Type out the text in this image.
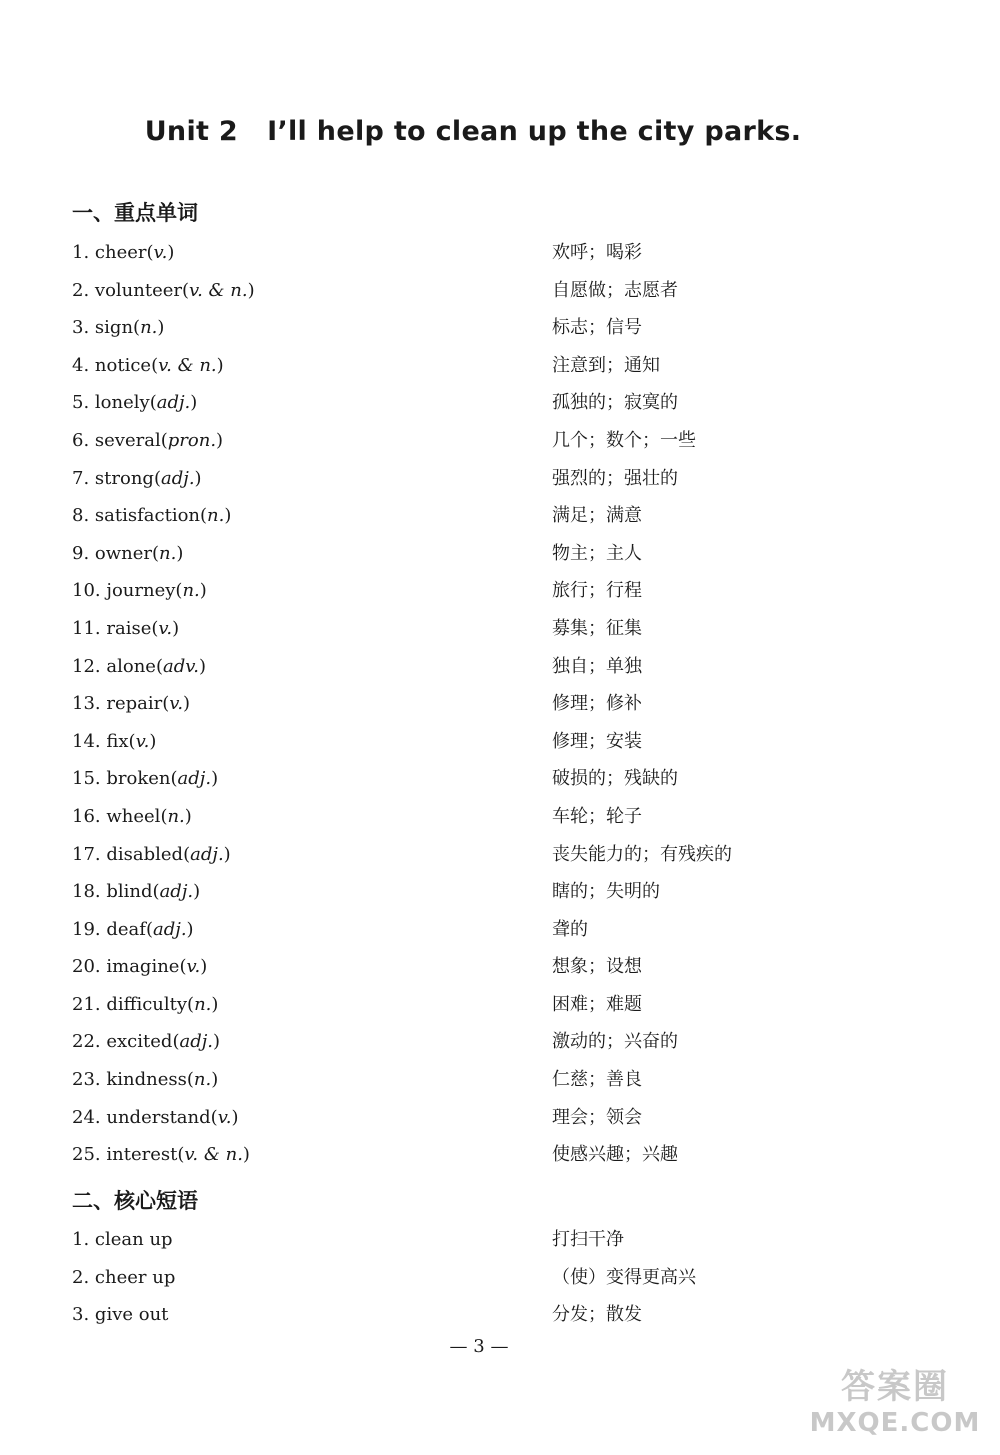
Unit 2   I’ll help to clean up the city parks.
一、重点单词
1. cheer(v.)	欢呼；喝彩
2. volunteer(v. & n.)	自愿做；志愿者
3. sign(n.)	标志；信号
4. notice(v. & n.)	注意到；通知
5. lonely(adj.)	孤独的；寂寞的
6. several(pron.)	几个；数个；一些
7. strong(adj.)	强烈的；强壮的
8. satisfaction(n.)	满足；满意
9. owner(n.)	物主；主人
10. journey(n.)	旅行；行程
11. raise(v.)	募集；征集
12. alone(adv.)	独自；单独
13. repair(v.)	修理；修补
14. fix(v.)	修理；安装
15. broken(adj.)	破损的；残缺的
16. wheel(n.)	车轮；轮子
17. disabled(adj.)	丧失能力的；有残疾的
18. blind(adj.)	瞎的；失明的
19. deaf(adj.)	聋的
20. imagine(v.)	想象；设想
21. difficulty(n.)	困难；难题
22. excited(adj.)	激动的；兴奋的
23. kindness(n.)	仁慈；善良
24. understand(v.)	理会；领会
25. interest(v. & n.)	使感兴趣；兴趣
二、核心短语
1. clean up	打扫干净
2. cheer up	（使）变得更高兴
3. give out	分发；散发
— 3 —
答案圈
MXQE.COM
